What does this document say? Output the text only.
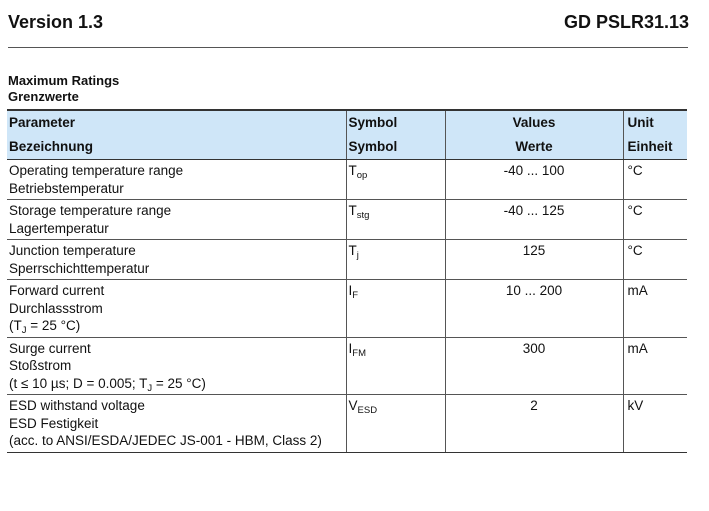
Version 1.3	GD PSLR31.13
Maximum Ratings
Grenzwerte
Parameter	Symbol	Values	Unit
Bezeichnung	Symbol	Werte	Einheit

Operating temperature range
Betriebstemperatur	$T_{op}$	-40 ... 100	°C

Storage temperature range
Lagertemperatur	$T_{stg}$	-40 ... 125	°C

Junction temperature
Sperrschichttemperatur	$T_j$	125	°C

Forward current
Durchlassstrom
($T_J = 25$ °C)	$I_F$	10 ... 200	mA

Surge current
Stoßstrom
(t ≤ 10 µs; D = 0.005; $T_J = 25$ °C)	$I_{FM}$	300	mA

ESD withstand voltage
ESD Festigkeit
(acc. to ANSI/ESDA/JEDEC JS-001 - HBM, Class 2)	$V_{ESD}$	2	kV
